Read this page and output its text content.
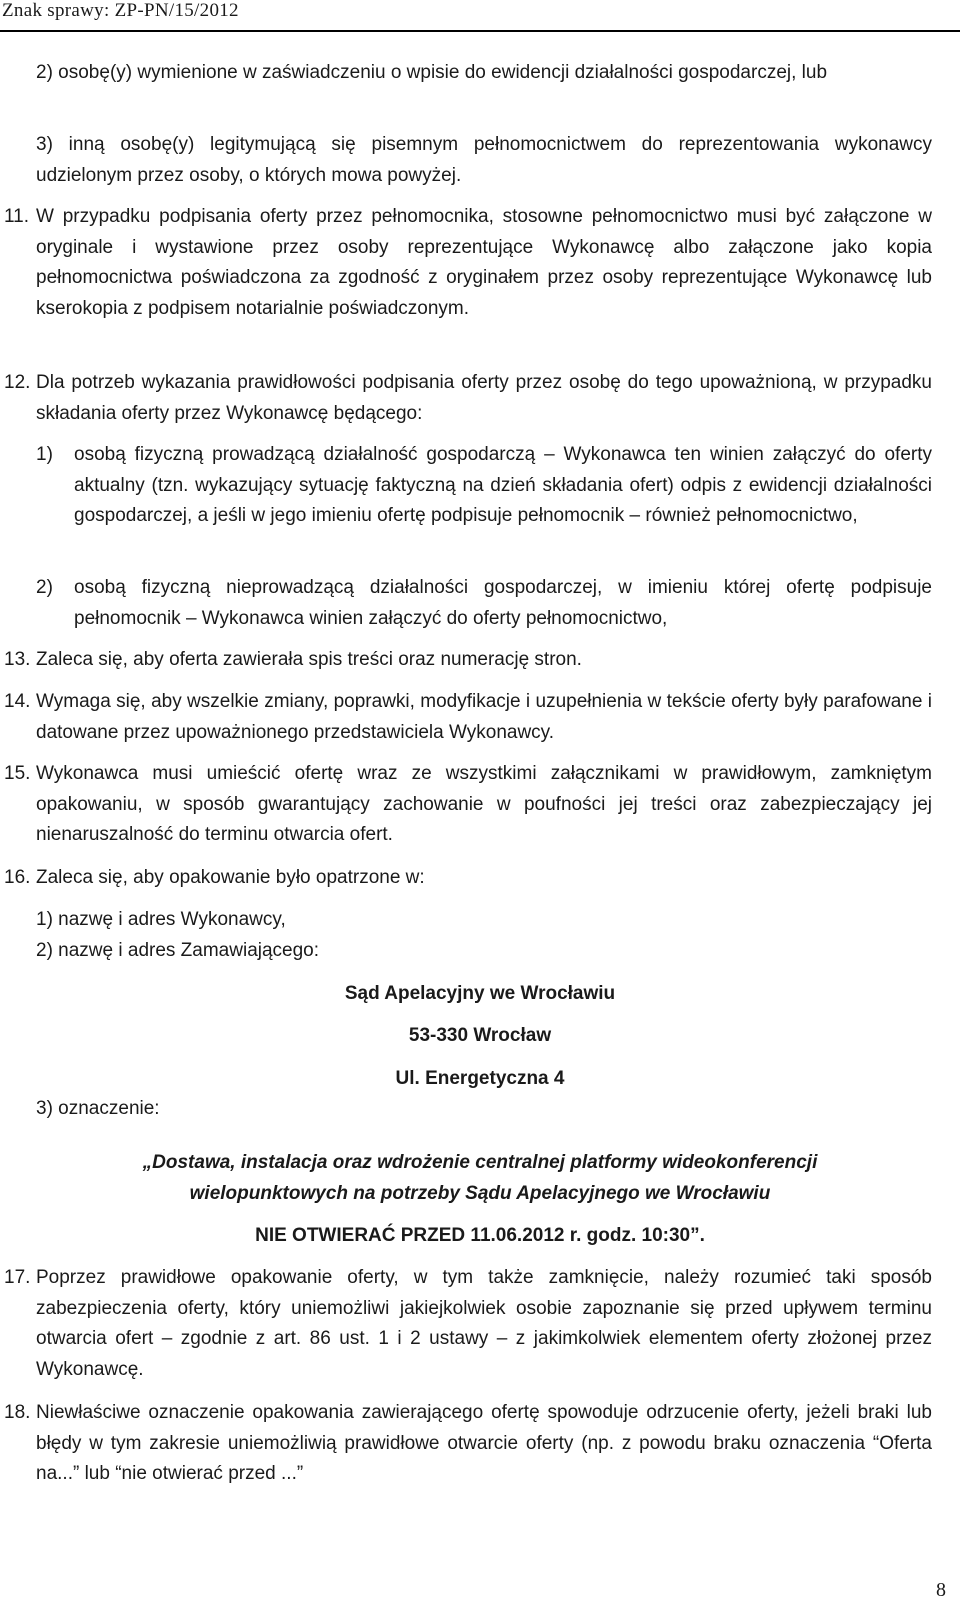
Znak sprawy: ZP-PN/15/2012
2) osobę(y) wymienione w zaświadczeniu o wpisie do ewidencji działalności gospodarczej, lub
3) inną osobę(y) legitymującą się pisemnym pełnomocnictwem do reprezentowania wykonawcy udzielonym przez osoby, o których mowa powyżej.
11. W przypadku podpisania oferty przez pełnomocnika, stosowne pełnomocnictwo musi być załączone w oryginale i wystawione przez osoby reprezentujące Wykonawcę albo załączone jako kopia pełnomocnictwa poświadczona za zgodność z oryginałem przez osoby reprezentujące Wykonawcę lub kserokopia z podpisem notarialnie poświadczonym.
12. Dla potrzeb wykazania prawidłowości podpisania oferty przez osobę do tego upoważnioną, w przypadku składania oferty przez Wykonawcę będącego:
1) osobą fizyczną prowadzącą działalność gospodarczą – Wykonawca ten winien załączyć do oferty aktualny (tzn. wykazujący sytuację faktyczną na dzień składania ofert) odpis z ewidencji działalności gospodarczej, a jeśli w jego imieniu ofertę podpisuje pełnomocnik – również pełnomocnictwo,
2) osobą fizyczną nieprowadzącą działalności gospodarczej, w imieniu której ofertę podpisuje pełnomocnik – Wykonawca winien załączyć do oferty pełnomocnictwo,
13. Zaleca się, aby oferta zawierała spis treści oraz numerację stron.
14. Wymaga się, aby wszelkie zmiany, poprawki, modyfikacje i uzupełnienia w tekście oferty były parafowane i datowane przez upoważnionego przedstawiciela Wykonawcy.
15. Wykonawca musi umieścić ofertę wraz ze wszystkimi załącznikami w prawidłowym, zamkniętym opakowaniu, w sposób gwarantujący zachowanie w poufności jej treści oraz zabezpieczający jej nienaruszalność do terminu otwarcia ofert.
16. Zaleca się, aby opakowanie było opatrzone w:
1) nazwę i adres Wykonawcy,
2) nazwę i adres Zamawiającego:
Sąd Apelacyjny we Wrocławiu
53-330 Wrocław
Ul. Energetyczna 4
3) oznaczenie:
„Dostawa, instalacja oraz wdrożenie centralnej platformy wideokonferencji
wielopunktowych na potrzeby Sądu Apelacyjnego we Wrocławiu
NIE OTWIERAĆ PRZED 11.06.2012 r. godz. 10:30”.
17. Poprzez prawidłowe opakowanie oferty, w tym także zamknięcie, należy rozumieć taki sposób zabezpieczenia oferty, który uniemożliwi jakiejkolwiek osobie zapoznanie się przed upływem terminu otwarcia ofert – zgodnie z art. 86 ust. 1 i 2 ustawy – z jakimkolwiek elementem oferty złożonej przez Wykonawcę.
18. Niewłaściwe oznaczenie opakowania zawierającego ofertę spowoduje odrzucenie oferty, jeżeli braki lub błędy w tym zakresie uniemożliwią prawidłowe otwarcie oferty (np. z powodu braku oznaczenia “Oferta na...” lub “nie otwierać przed ...”
8
